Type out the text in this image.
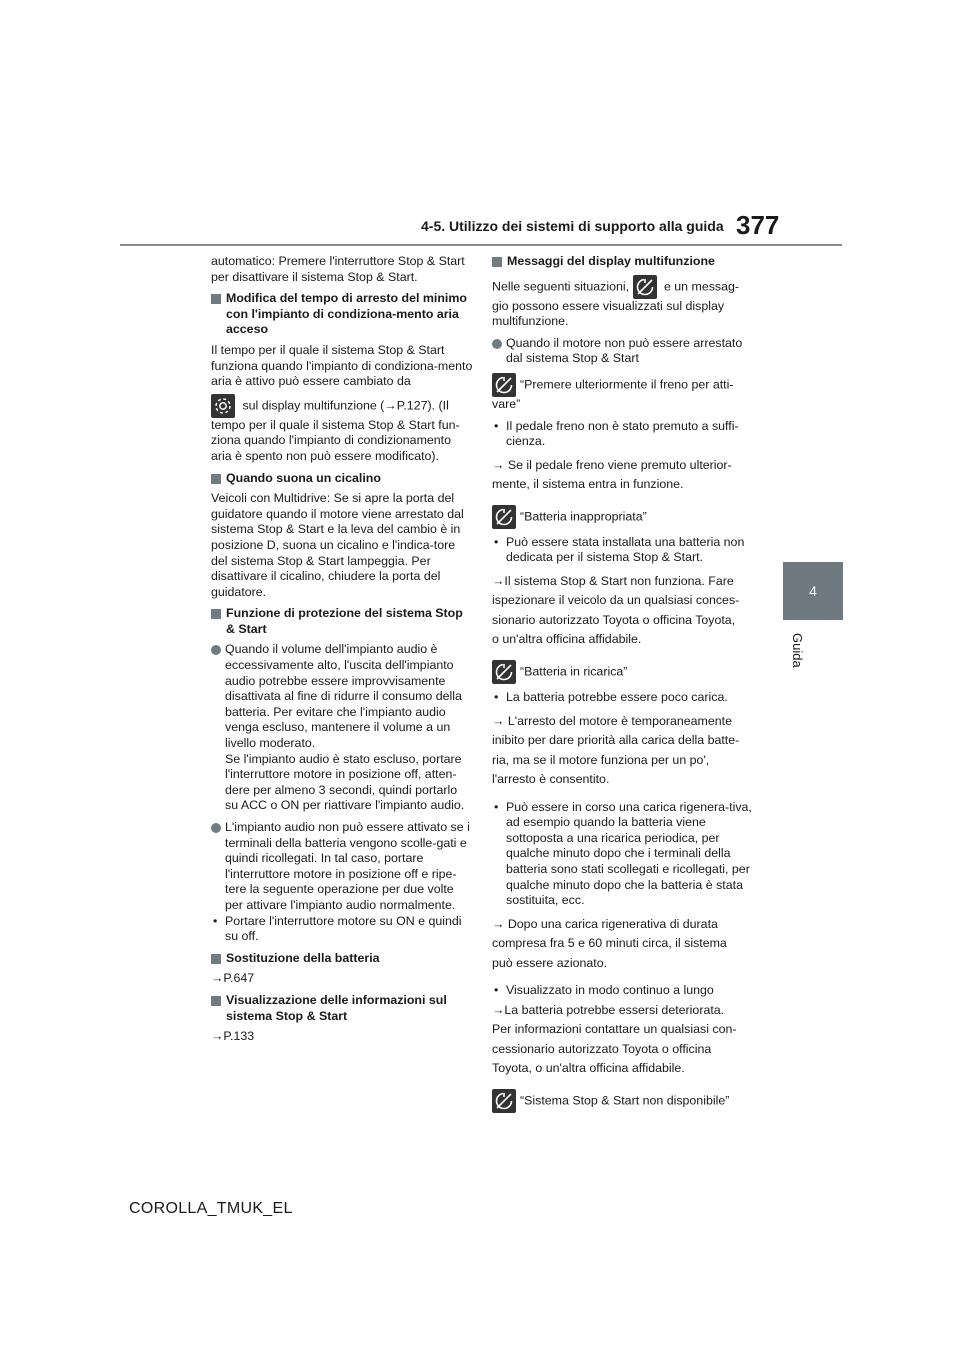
4-5. Utilizzo dei sistemi di supporto alla guida 377
4
Guida

automatico: Premere l'interruttore Stop & Start per disattivare il sistema Stop & Start.

Modifica del tempo di arresto del minimo con l'impianto di condiziona-mento aria acceso

Il tempo per il quale il sistema Stop & Start funziona quando l'impianto di condiziona-mento aria è attivo può essere cambiato da

sul display multifunzione (→P.127). (Il

tempo per il quale il sistema Stop & Start fun-ziona quando l'impianto di condizionamento aria è spento non può essere modificato).

Quando suona un cicalino

Veicoli con Multidrive: Se si apre la porta del guidatore quando il motore viene arrestato dal sistema Stop & Start e la leva del cambio è in posizione D, suona un cicalino e l'indica-tore del sistema Stop & Start lampeggia. Per disattivare il cicalino, chiudere la porta del guidatore.

Funzione di protezione del sistema Stop & Start

Quando il volume dell'impianto audio è eccessivamente alto, l'uscita dell'impianto audio potrebbe essere improvvisamente disattivata al fine di ridurre il consumo della batteria. Per evitare che l'impianto audio venga escluso, mantenere il volume a un livello moderato.

Se l'impianto audio è stato escluso, portare l'interruttore motore in posizione off, atten-dere per almeno 3 secondi, quindi portarlo su ACC o ON per riattivare l'impianto audio.

L'impianto audio non può essere attivato se i terminali della batteria vengono scolle-gati e quindi ricollegati. In tal caso, portare l'interruttore motore in posizione off e ripe-tere la seguente operazione per due volte per attivare l'impianto audio normalmente.

• Portare l'interruttore motore su ON e quindi su off.

Sostituzione della batteria

→P.647

Visualizzazione delle informazioni sul sistema Stop & Start

→P.133

Messaggi del display multifunzione

Nelle seguenti situazioni,
e un messag-

gio possono essere visualizzati sul display multifunzione.

Quando il motore non può essere arrestato dal sistema Stop & Start

“Premere ulteriormente il freno per atti-

vare”

• Il pedale freno non è stato premuto a suffi-cienza.

→ Se il pedale freno viene premuto ulterior-

mente, il sistema entra in funzione.

“Batteria inappropriata”

• Può essere stata installata una batteria non dedicata per il sistema Stop & Start.

→Il sistema Stop & Start non funziona. Fare

ispezionare il veicolo da un qualsiasi conces-

sionario autorizzato Toyota o officina Toyota,

o un'altra officina affidabile.

“Batteria in ricarica”

• La batteria potrebbe essere poco carica.

→ L'arresto del motore è temporaneamente

inibito per dare priorità alla carica della batte-

ria, ma se il motore funziona per un po',

l'arresto è consentito.

• Può essere in corso una carica rigenera-tiva, ad esempio quando la batteria viene sottoposta a una ricarica periodica, per qualche minuto dopo che i terminali della batteria sono stati scollegati e ricollegati, per qualche minuto dopo che la batteria è stata sostituita, ecc.

→ Dopo una carica rigenerativa di durata

compresa fra 5 e 60 minuti circa, il sistema

può essere azionato.

• Visualizzato in modo continuo a lungo

→La batteria potrebbe essersi deteriorata.

Per informazioni contattare un qualsiasi con-

cessionario autorizzato Toyota o officina

Toyota, o un'altra officina affidabile.

“Sistema Stop & Start non disponibile”

COROLLA_TMUK_EL
